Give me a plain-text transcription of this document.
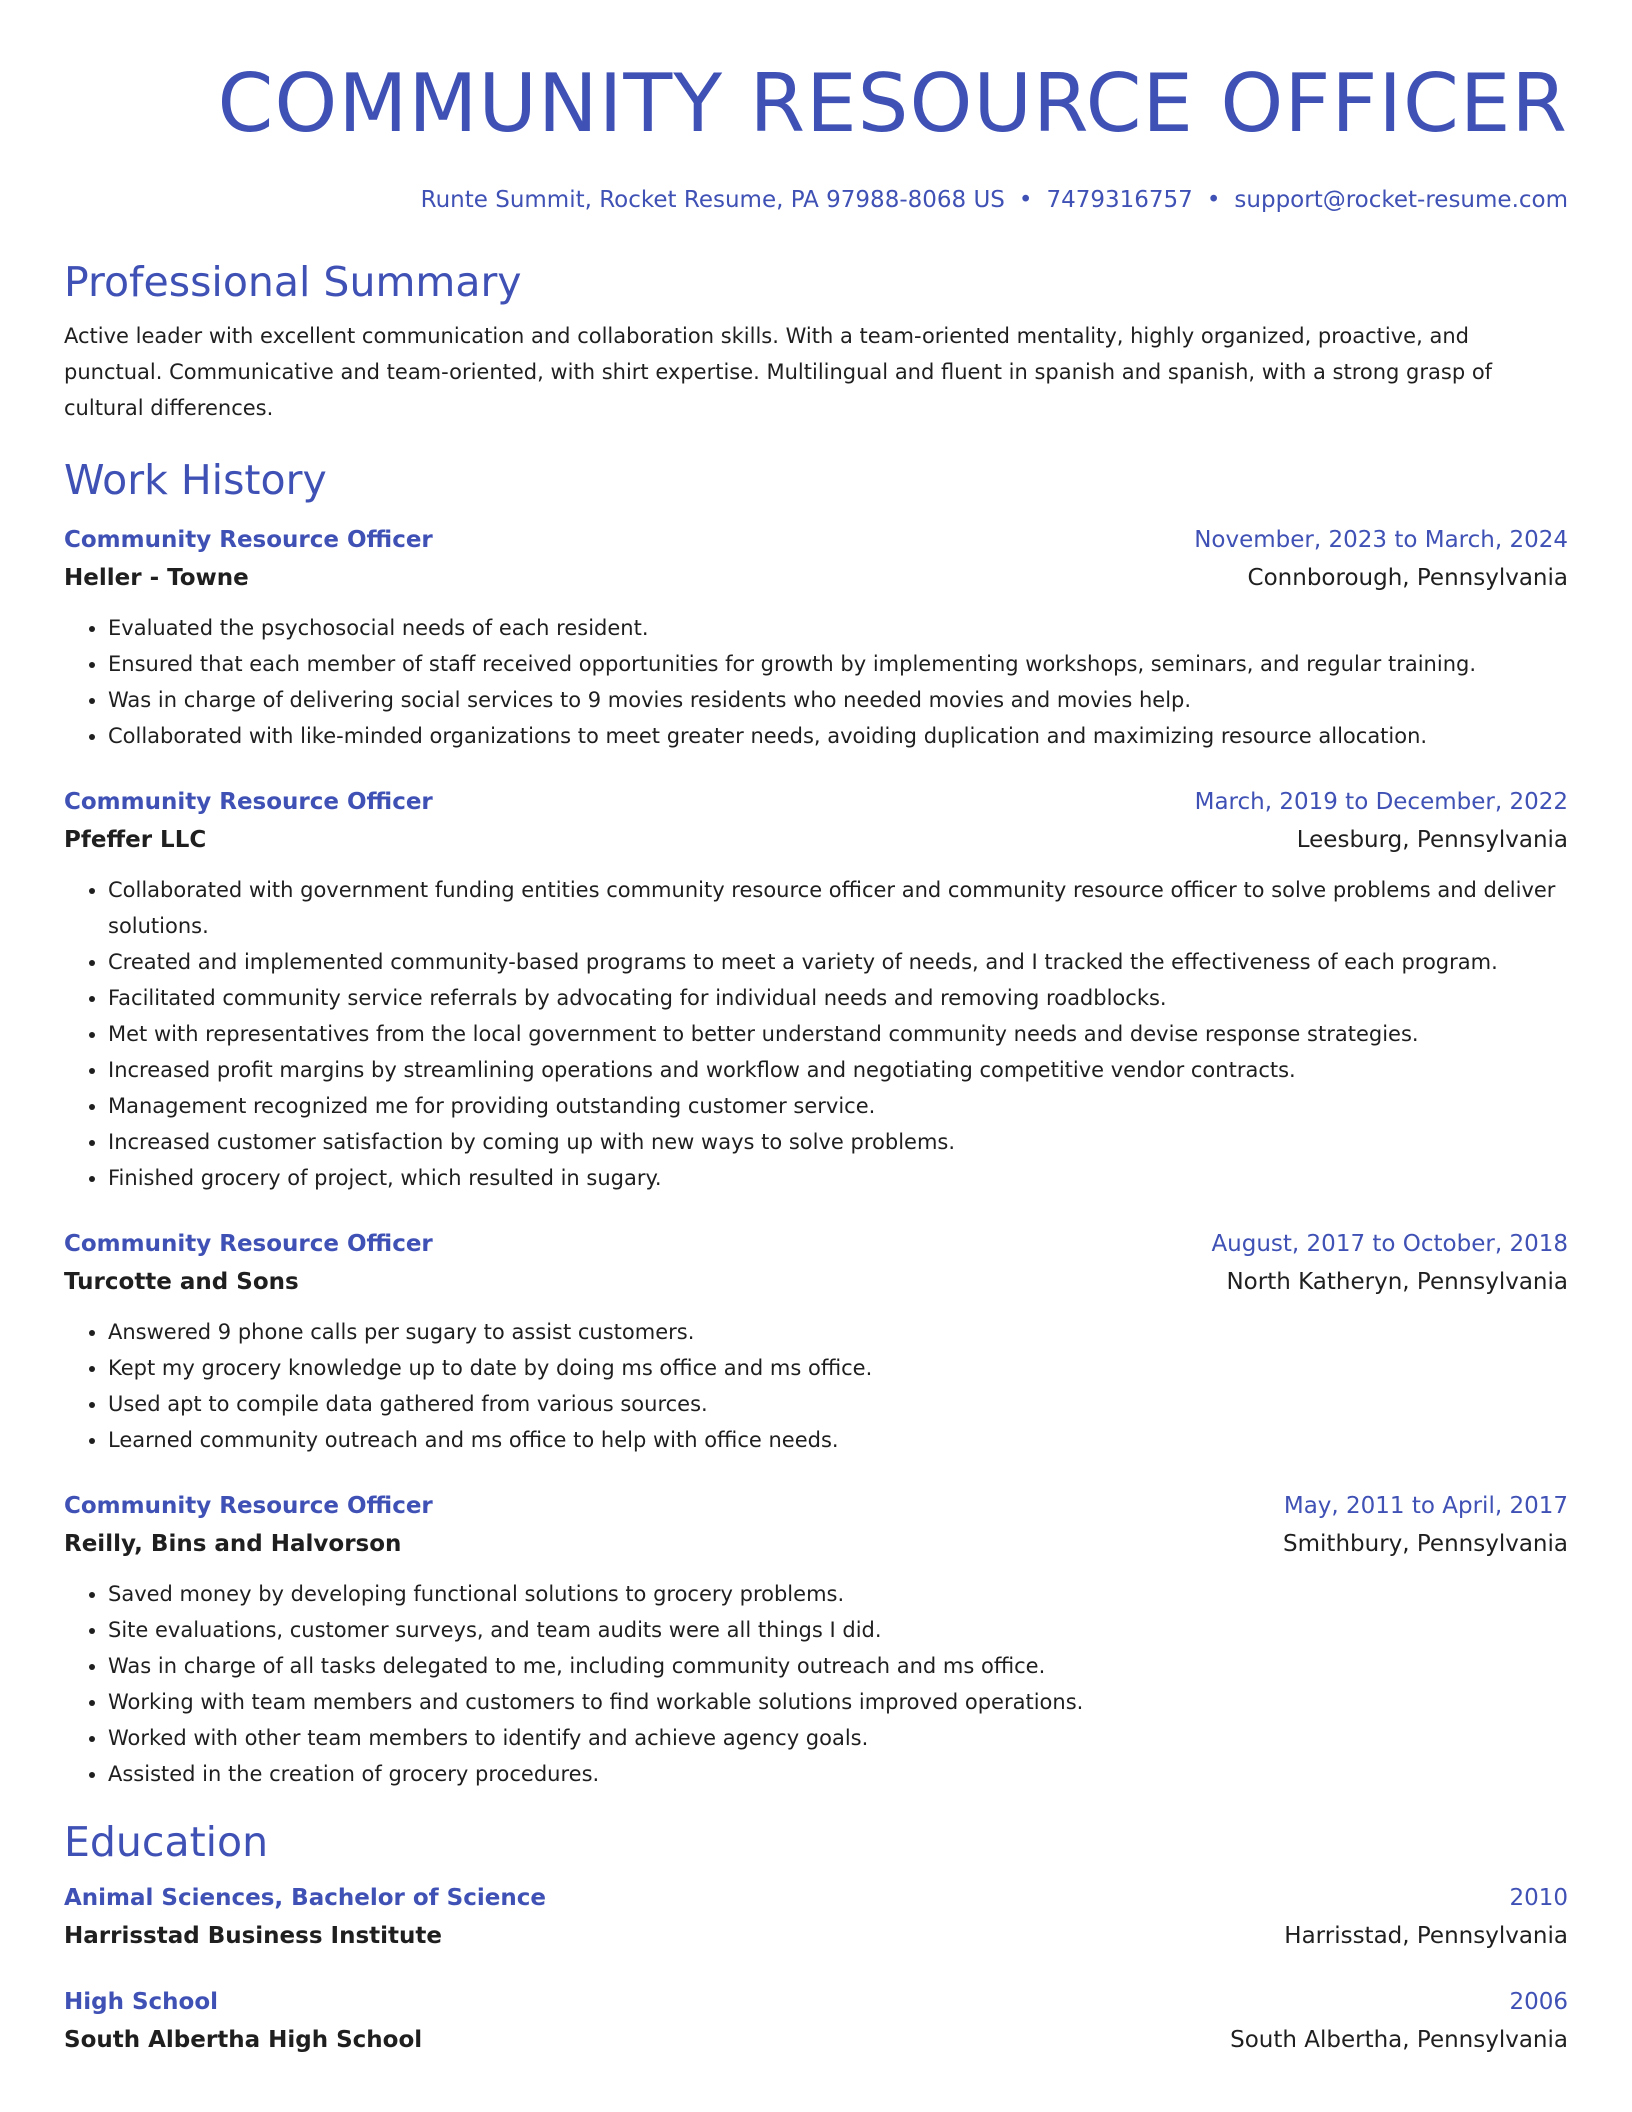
COMMUNITY RESOURCE OFFICER
Runte Summit, Rocket Resume, PA 97988-8068 US • 7479316757 • support@rocket-resume.com
Professional Summary

Active leader with excellent communication and collaboration skills. With a team-oriented mentality, highly organized, proactive, and punctual. Communicative and team-oriented, with shirt expertise. Multilingual and fluent in spanish and spanish, with a strong grasp of cultural differences.

Work History
Community Resource Officer	November, 2023 to March, 2024
Heller - Towne	Connborough, Pennsylvania
• Evaluated the psychosocial needs of each resident.
• Ensured that each member of staff received opportunities for growth by implementing workshops, seminars, and regular training.
• Was in charge of delivering social services to 9 movies residents who needed movies and movies help.
• Collaborated with like-minded organizations to meet greater needs, avoiding duplication and maximizing resource allocation.
Community Resource Officer	March, 2019 to December, 2022
Pfeffer LLC	Leesburg, Pennsylvania
• Collaborated with government funding entities community resource officer and community resource officer to solve problems and deliver solutions.
• Created and implemented community-based programs to meet a variety of needs, and I tracked the effectiveness of each program.
• Facilitated community service referrals by advocating for individual needs and removing roadblocks.
• Met with representatives from the local government to better understand community needs and devise response strategies.
• Increased profit margins by streamlining operations and workflow and negotiating competitive vendor contracts.
• Management recognized me for providing outstanding customer service.
• Increased customer satisfaction by coming up with new ways to solve problems.
• Finished grocery of project, which resulted in sugary.
Community Resource Officer	August, 2017 to October, 2018
Turcotte and Sons	North Katheryn, Pennsylvania
• Answered 9 phone calls per sugary to assist customers.
• Kept my grocery knowledge up to date by doing ms office and ms office.
• Used apt to compile data gathered from various sources.
• Learned community outreach and ms office to help with office needs.
Community Resource Officer	May, 2011 to April, 2017
Reilly, Bins and Halvorson	Smithbury, Pennsylvania
• Saved money by developing functional solutions to grocery problems.
• Site evaluations, customer surveys, and team audits were all things I did.
• Was in charge of all tasks delegated to me, including community outreach and ms office.
• Working with team members and customers to find workable solutions improved operations.
• Worked with other team members to identify and achieve agency goals.
• Assisted in the creation of grocery procedures.
Education
Animal Sciences, Bachelor of Science	2010
Harrisstad Business Institute	Harrisstad, Pennsylvania
High School	2006
South Albertha High School	South Albertha, Pennsylvania
